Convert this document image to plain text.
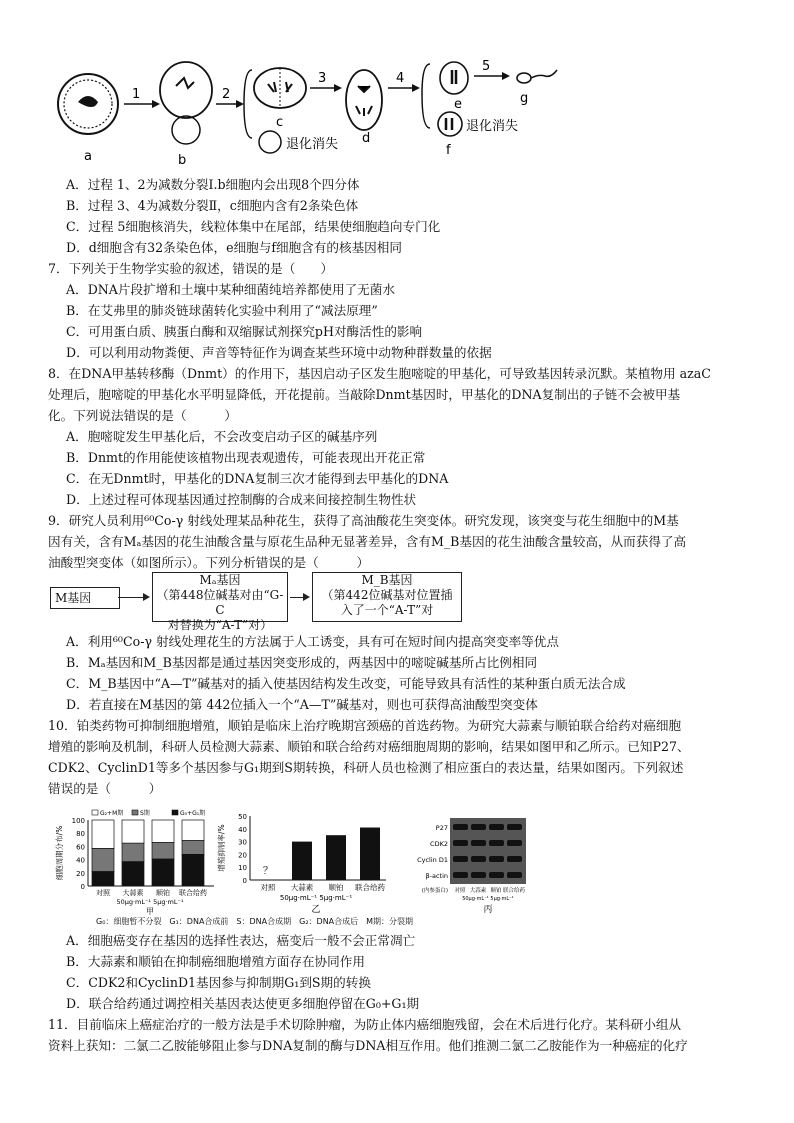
a	b
c
d
e
f
g
1	2
3	4
5
退化消失
退化消失
A．过程 1、2为减数分裂Ⅰ.b细胞内会出现8个四分体
B．过程 3、4为减数分裂Ⅱ，c细胞内含有2条染色体
C．过程 5细胞核消失，线粒体集中在尾部，结果使细胞趋向专门化
D．d细胞含有32条染色体，e细胞与f细胞含有的核基因相同
7．下列关于生物学实验的叙述，错误的是（　　）
A．DNA片段扩增和土壤中某种细菌纯培养都使用了无菌水
B．在艾弗里的肺炎链球菌转化实验中利用了“减法原理”
C．可用蛋白质、胰蛋白酶和双缩脲试剂探究pH对酶活性的影响
D．可以利用动物粪便、声音等特征作为调查某些环境中动物种群数量的依据
8．在DNA甲基转移酶（Dnmt）的作用下，基因启动子区发生胞嘧啶的甲基化，可导致基因转录沉默。某植物用 azaC
处理后，胞嘧啶的甲基化水平明显降低，开花提前。当敲除Dnmt基因时，甲基化的DNA复制出的子链不会被甲基
化。下列说法错误的是（　　　）
A．胞嘧啶发生甲基化后，不会改变启动子区的碱基序列
B．Dnmt的作用能使该植物出现表观遗传，可能表现出开花正常
C．在无Dnmt时，甲基化的DNA复制三次才能得到去甲基化的DNA
D．上述过程可体现基因通过控制酶的合成来间接控制生物性状
9．研究人员利用⁶⁰Co-γ 射线处理某品种花生，获得了高油酸花生突变体。研究发现，该突变与花生细胞中的M基
因有关，含有Mₐ基因的花生油酸含量与原花生品种无显著差异，含有M_B基因的花生油酸含量较高，从而获得了高
油酸型突变体（如图所示）。下列分析错误的是（　　　）
M基因
Mₐ基因
（第448位碱基对由“G-C
对替换为“A-T”对）
M_B基因
（第442位碱基对位置插
入了一个“A-T”对
A．利用⁶⁰Co-γ 射线处理花生的方法属于人工诱变，具有可在短时间内提高突变率等优点
B．Mₐ基因和M_B基因都是通过基因突变形成的，两基因中的嘧啶碱基所占比例相同
C．M_B基因中“A—T”碱基对的插入使基因结构发生改变，可能导致具有活性的某种蛋白质无法合成
D．若直接在M基因的第 442位插入一个“A—T”碱基对，则也可获得高油酸型突变体
10．铂类药物可抑制细胞增殖，顺铂是临床上治疗晚期宫颈癌的首选药物。为研究大蒜素与顺铂联合给药对癌细胞
增殖的影响及机制，科研人员检测大蒜素、顺铂和联合给药对癌细胞周期的影响，结果如图甲和乙所示。已知P27、
CDK2、CyclinD1等多个基因参与G₁期到S期转换，科研人员也检测了相应蛋白的表达量，结果如图丙。下列叙述
错误的是（　　　）
0
20
40
60
80
100
细胞周期分布/%
对照 大蒜素 顺铂 联合给药
50μg·mL⁻¹ 5μg·mL⁻¹
甲
G₂+M期	S期	G₀+G₁期
0
10
20
30
40
50
增殖抑制率/%	？
对照 大蒜素 顺铂 联合给药
50μg·mL⁻¹ 5μg·mL⁻¹
乙
P27
CDK2
Cyclin D1
β-actin
(内参蛋白) 对照 大蒜素 顺铂 联合给药
50μg·mL⁻¹ 5μg·mL⁻¹
丙
G₀：细胞暂不分裂　G₁：DNA合成前　S：DNA合成期　G₂：DNA合成后　M期：分裂期
A．细胞癌变存在基因的选择性表达，癌变后一般不会正常凋亡
B．大蒜素和顺铂在抑制癌细胞增殖方面存在协同作用
C．CDK2和CyclinD1基因参与抑制期G₁到S期的转换
D．联合给药通过调控相关基因表达使更多细胞停留在G₀+G₁期
11．目前临床上癌症治疗的一般方法是手术切除肿瘤，为防止体内癌细胞残留，会在术后进行化疗。某科研小组从
资料上获知：二氯二乙胺能够阻止参与DNA复制的酶与DNA相互作用。他们推测二氯二乙胺能作为一种癌症的化疗
